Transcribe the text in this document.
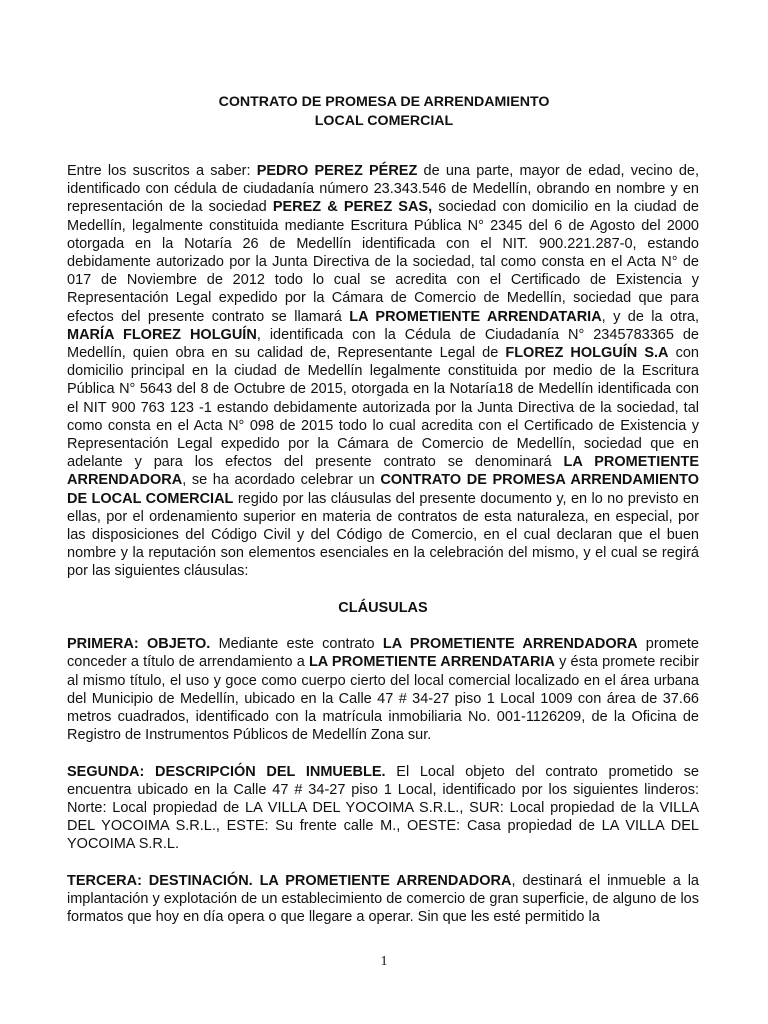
CONTRATO DE PROMESA DE ARRENDAMIENTO
LOCAL COMERCIAL

Entre los suscritos a saber: PEDRO PEREZ PÉREZ de una parte, mayor de edad, vecino de, identificado con cédula de ciudadanía número 23.343.546 de Medellín, obrando en nombre y en representación de la sociedad PEREZ & PEREZ SAS, sociedad con domicilio en la ciudad de Medellín, legalmente constituida mediante Escritura Pública N° 2345 del 6 de Agosto del 2000 otorgada en la Notaría 26 de Medellín identificada con el NIT. 900.221.287-0, estando debidamente autorizado por la Junta Directiva de la sociedad, tal como consta en el Acta N° de 017 de Noviembre de 2012 todo lo cual se acredita con el Certificado de Existencia y Representación Legal expedido por la Cámara de Comercio de Medellín, sociedad que para efectos del presente contrato se llamará LA PROMETIENTE ARRENDATARIA, y de la otra, MARÍA FLOREZ HOLGUÍN, identificada con la Cédula de Ciudadanía N° 2345783365 de Medellín, quien obra en su calidad de, Representante Legal de FLOREZ HOLGUÍN S.A con domicilio principal en la ciudad de Medellín legalmente constituida por medio de la Escritura Pública N° 5643 del 8 de Octubre de 2015, otorgada en la Notaría18 de Medellín identificada con el NIT 900 763 123 -1 estando debidamente autorizada por la Junta Directiva de la sociedad, tal como consta en el Acta N° 098 de 2015 todo lo cual acredita con el Certificado de Existencia y Representación Legal expedido por la Cámara de Comercio de Medellín, sociedad que en adelante y para los efectos del presente contrato se denominará LA PROMETIENTE ARRENDADORA, se ha acordado celebrar un CONTRATO DE PROMESA ARRENDAMIENTO DE LOCAL COMERCIAL regido por las cláusulas del presente documento y, en lo no previsto en ellas, por el ordenamiento superior en materia de contratos de esta naturaleza, en especial, por las disposiciones del Código Civil y del Código de Comercio, en el cual declaran que el buen nombre y la reputación son elementos esenciales en la celebración del mismo, y el cual se regirá por las siguientes cláusulas:

CLÁUSULAS

PRIMERA: OBJETO. Mediante este contrato LA PROMETIENTE ARRENDADORA promete conceder a título de arrendamiento a LA PROMETIENTE ARRENDATARIA y ésta promete recibir al mismo título, el uso y goce como cuerpo cierto del local comercial localizado en el área urbana del Municipio de Medellín, ubicado en la Calle 47 # 34-27 piso 1 Local 1009 con área de 37.66 metros cuadrados, identificado con la matrícula inmobiliaria No. 001-1126209, de la Oficina de Registro de Instrumentos Públicos de Medellín Zona sur.

SEGUNDA: DESCRIPCIÓN DEL INMUEBLE. El Local objeto del contrato prometido se encuentra ubicado en la Calle 47 # 34-27 piso 1 Local, identificado por los siguientes linderos: Norte: Local propiedad de LA VILLA DEL YOCOIMA S.R.L., SUR: Local propiedad de la VILLA DEL YOCOIMA S.R.L., ESTE: Su frente calle M., OESTE: Casa propiedad de LA VILLA DEL YOCOIMA S.R.L.

TERCERA: DESTINACIÓN. LA PROMETIENTE ARRENDADORA, destinará el inmueble a la implantación y explotación de un establecimiento de comercio de gran superficie, de alguno de los formatos que hoy en día opera o que llegare a operar. Sin que les esté permitido la

1
